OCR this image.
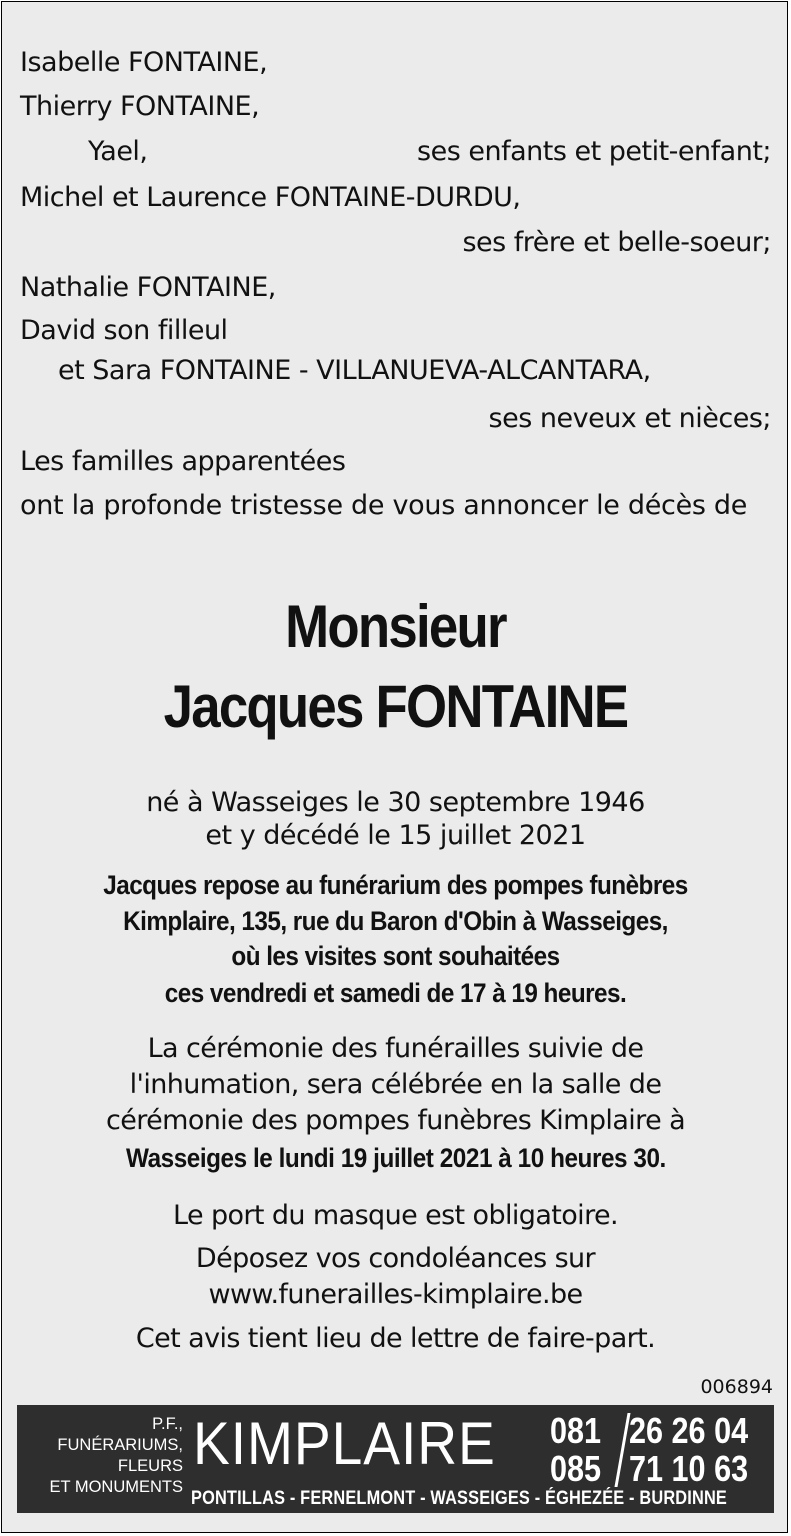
Isabelle FONTAINE,
Thierry FONTAINE,
Yael,	ses enfants et petit-enfant;
Michel et Laurence FONTAINE-DURDU,
ses frère et belle-soeur;
Nathalie FONTAINE,
David son filleul
et Sara FONTAINE - VILLANUEVA-ALCANTARA,
ses neveux et nièces;
Les familles apparentées
ont la profonde tristesse de vous annoncer le décès de
Monsieur
Jacques FONTAINE
né à Wasseiges le 30 septembre 1946
et y décédé le 15 juillet 2021
Jacques repose au funérarium des pompes funèbres
Kimplaire, 135, rue du Baron d'Obin à Wasseiges,
où les visites sont souhaitées
ces vendredi et samedi de 17 à 19 heures.
La cérémonie des funérailles suivie de
l'inhumation, sera célébrée en la salle de
cérémonie des pompes funèbres Kimplaire à
Wasseiges le lundi 19 juillet 2021 à 10 heures 30.
Le port du masque est obligatoire.
Déposez vos condoléances sur
www.funerailles-kimplaire.be
Cet avis tient lieu de lettre de faire-part.
006894
P.F.,
FUNÉRARIUMS,
FLEURS
ET MONUMENTS
KIMPLAIRE 081 26 26 04
085 71 10 63
PONTILLAS - FERNELMONT - WASSEIGES - ÉGHEZÉE - BURDINNE
